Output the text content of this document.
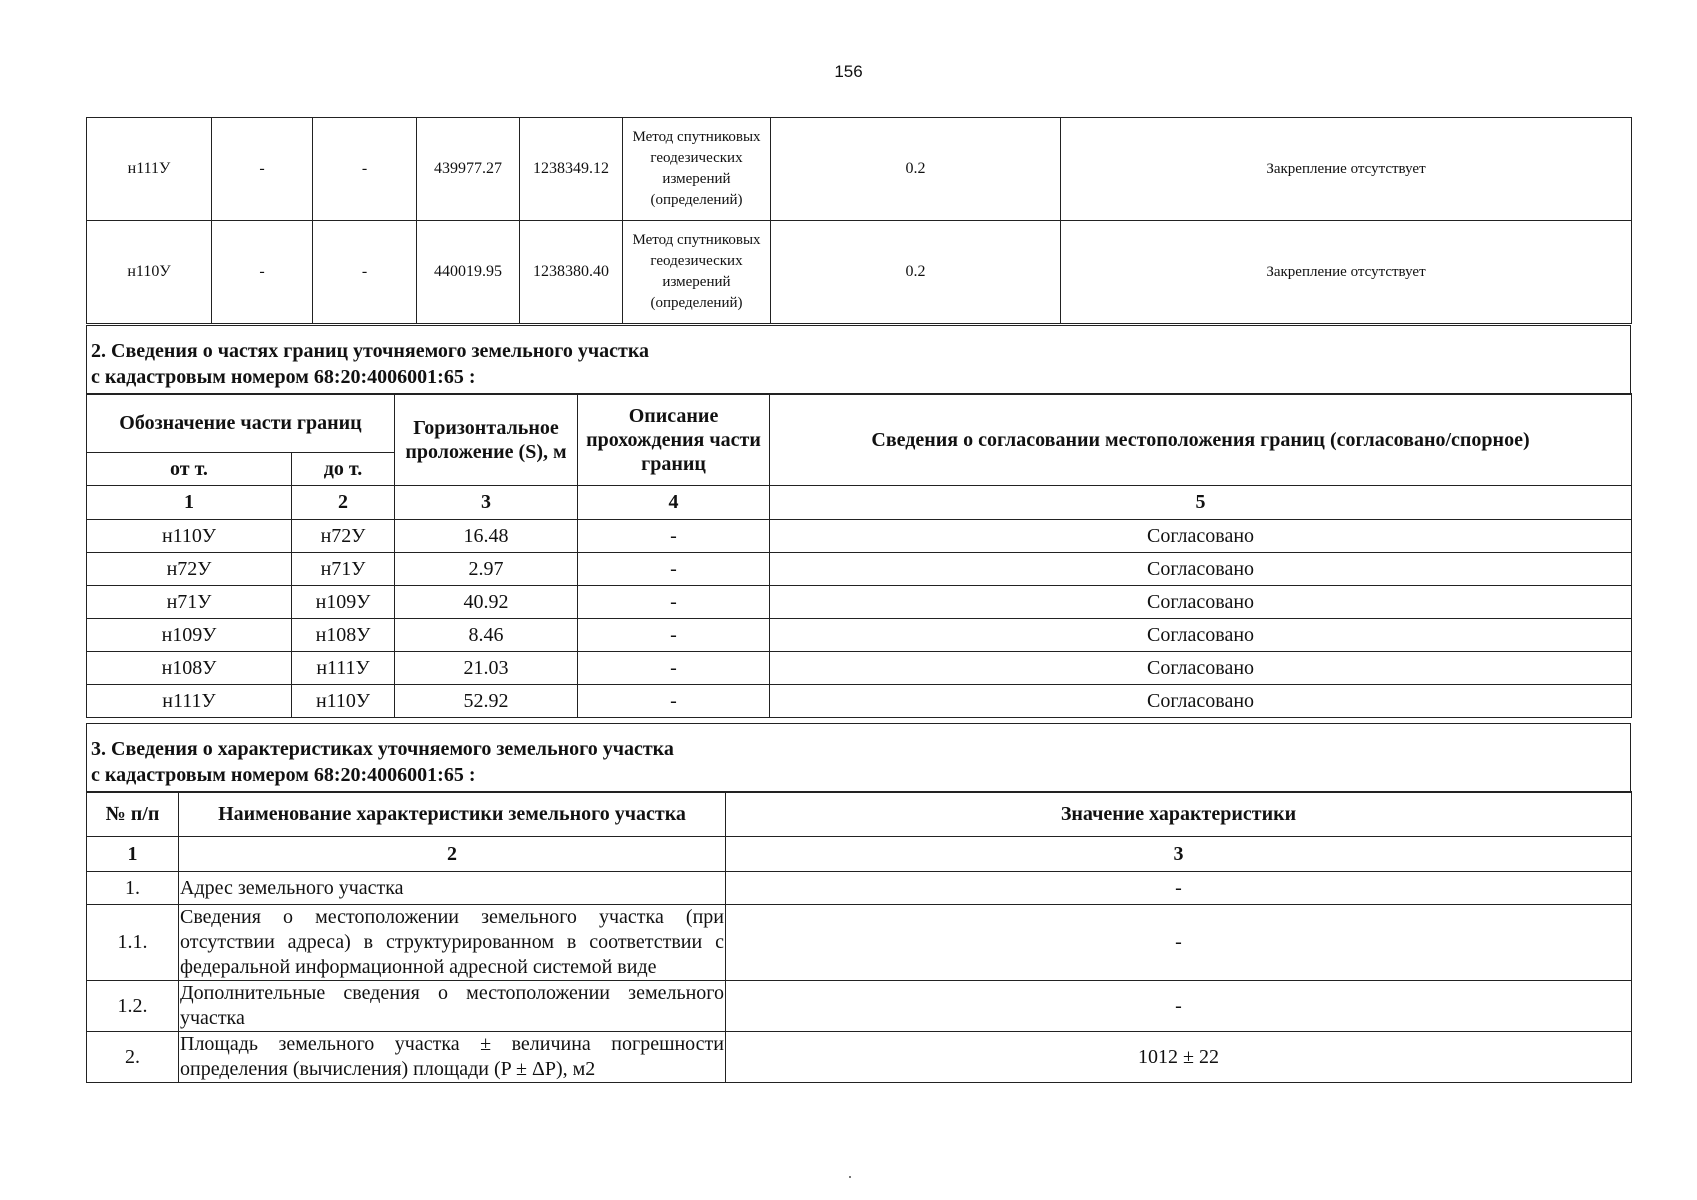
156
н111У	-	-	439977.27	1238349.12	Метод спутниковых геодезических измерений (определений)	0.2	Закрепление отсутствует
н110У	-	-	440019.95	1238380.40	Метод спутниковых геодезических измерений (определений)	0.2	Закрепление отсутствует
2. Сведения о частях границ уточняемого земельного участка
с кадастровым номером 68:20:4006001:65 :
Обозначение части границ		Горизонтальное проложение (S), м	Описание прохождения части границ	Сведения о согласовании местоположения границ (согласовано/спорное)
от т.	до т.			
1	2	3	4	5
н110У	н72У	16.48	-	Согласовано
н72У	н71У	2.97	-	Согласовано
н71У	н109У	40.92	-	Согласовано
н109У	н108У	8.46	-	Согласовано
н108У	н111У	21.03	-	Согласовано
н111У	н110У	52.92	-	Согласовано
3. Сведения о характеристиках уточняемого земельного участка
с кадастровым номером 68:20:4006001:65 :
№ п/п	Наименование характеристики земельного участка	Значение характеристики
1	2	3
1.	Адрес земельного участка	-
1.1.	Сведения о местоположении земельного участка (при отсутствии адреса) в структурированном в соответствии с федеральной информационной адресной системой виде	-
1.2.	Дополнительные сведения о местоположении земельного участка	-
2.	Площадь земельного участка ± величина погрешности определения (вычисления) площади (P ± ΔP), м2	1012 ± 22
